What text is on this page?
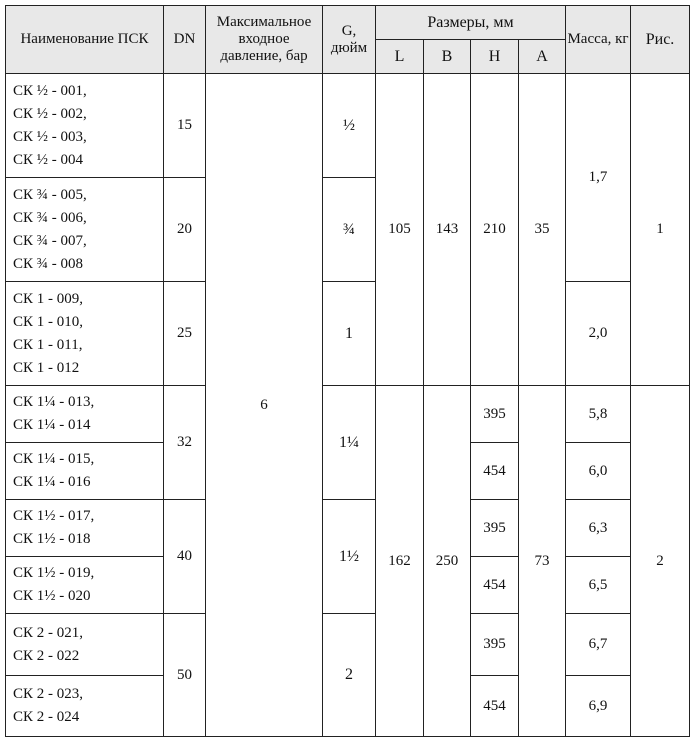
Наименование ПСК	DN	Максимальное входное давление, бар	G, дюйм	Размеры, мм				Масса, кг	Рис.
				L	B	H	A		

СК ½ - 001,
СК ½ - 002,
СК ½ - 003,
СК ½ - 004	15	6	½	105	143	210	35	1,7	1

СК ¾ - 005,
СК ¾ - 006,
СК ¾ - 007,
СК ¾ - 008	20		¾						

СК 1 - 009,
СК 1 - 010,
СК 1 - 011,
СК 1 - 012	25		1					2,0	

СК 1¼ - 013,
СК 1¼ - 014	32		1¼	162	250	395	73	5,8	2

СК 1¼ - 015,
СК 1¼ - 016						454		6,0	

СК 1½ - 017,
СК 1½ - 018	40		1½			395		6,3	

СК 1½ - 019,
СК 1½ - 020						454		6,5	

СК 2 - 021,
СК 2 - 022	50		2			395		6,7	

СК 2 - 023,
СК 2 - 024						454		6,9	
